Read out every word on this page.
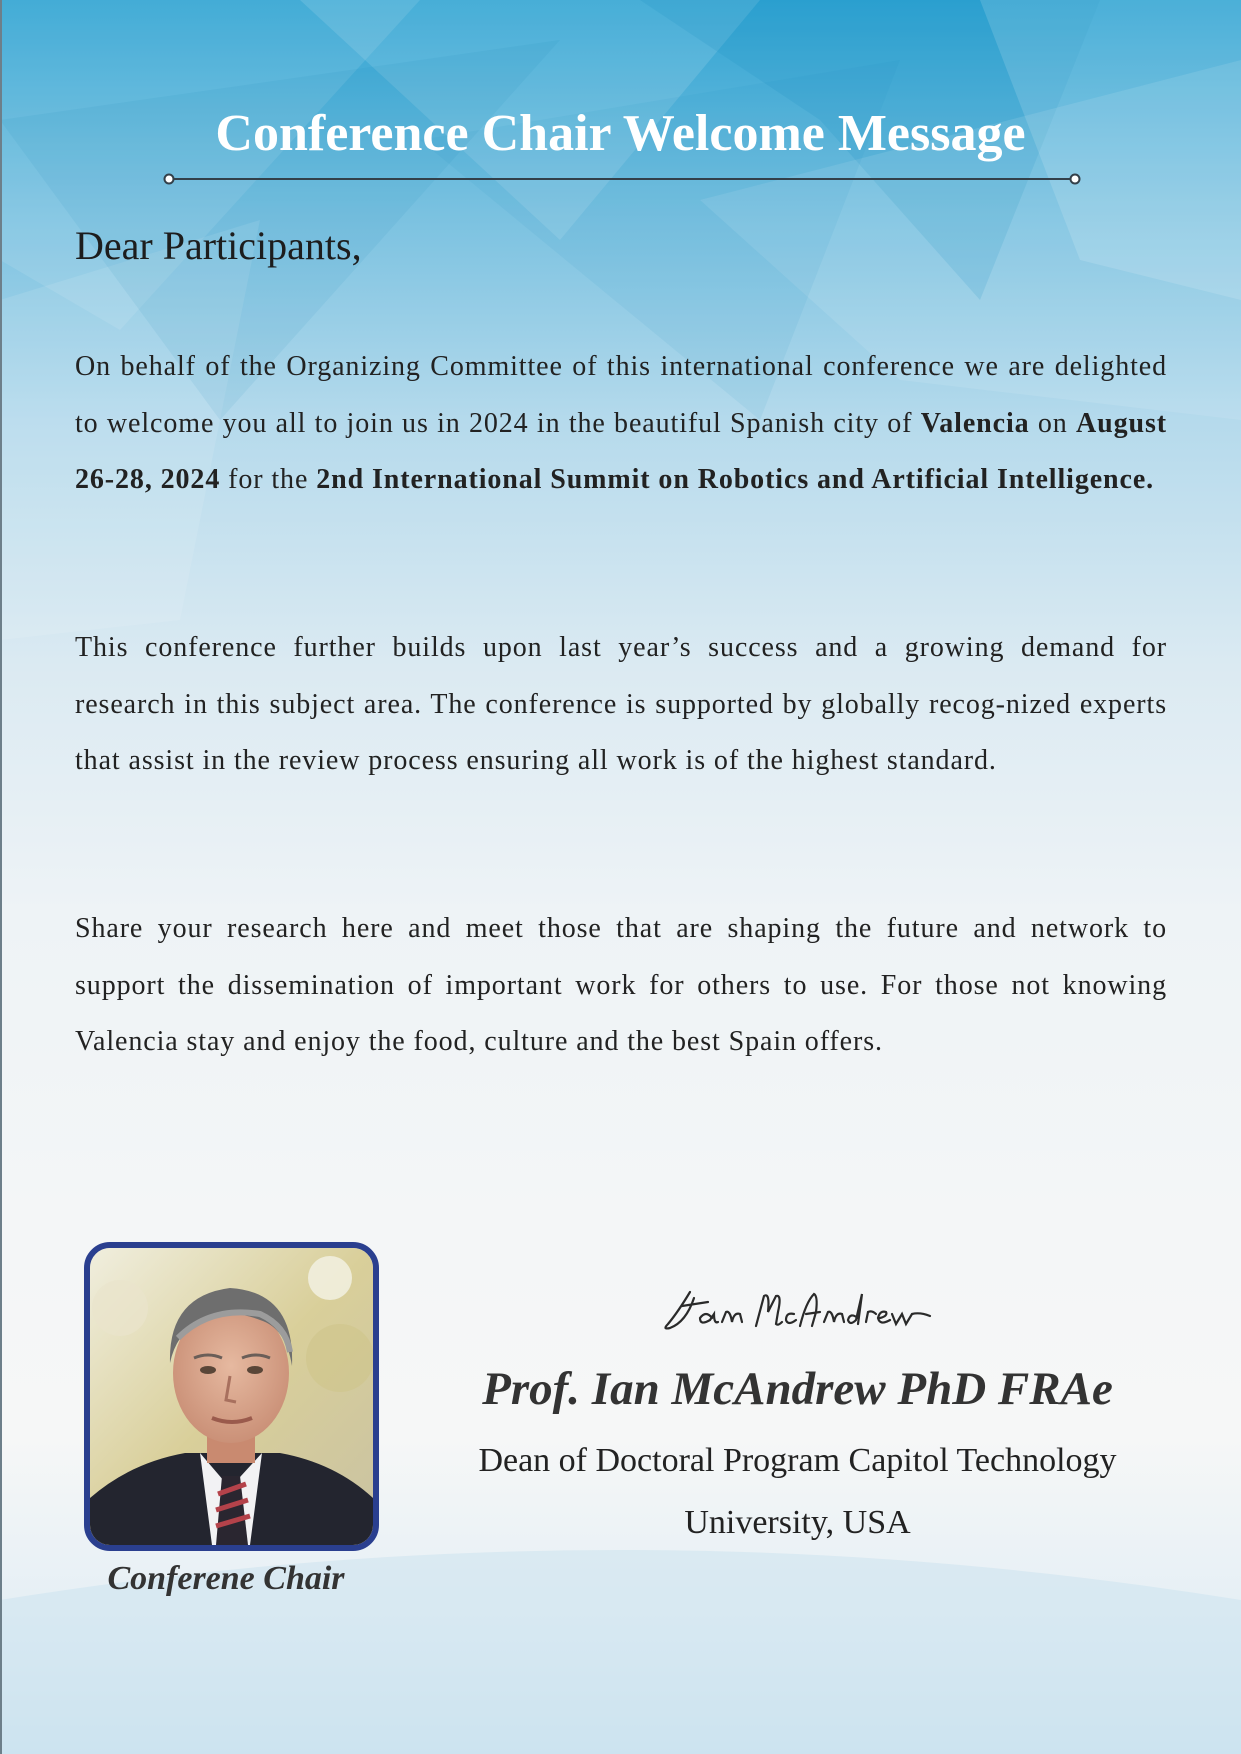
Conference Chair Welcome Message
Dear Participants,

On behalf of the Organizing Committee of this international conference we are delighted to welcome you all to join us in 2024 in the beautiful Spanish city of Valencia on August 26-28, 2024 for the 2nd International Summit on Robotics and Artificial Intelligence.

This conference further builds upon last year’s success and a growing demand for research in this subject area. The conference is supported by globally recog-nized experts that assist in the review process ensuring all work is of the highest standard.

Share your research here and meet those that are shaping the future and network to support the dissemination of important work for others to use. For those not knowing Valencia stay and enjoy the food, culture and the best Spain offers.

Conferene Chair
Prof. Ian McAndrew PhD FRAe
Dean of Doctoral Program Capitol Technology University, USA
